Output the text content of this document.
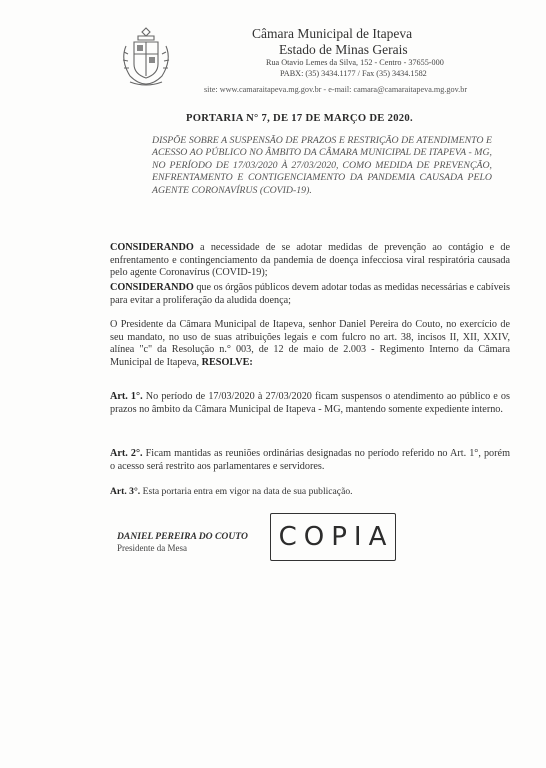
Câmara Municipal de Itapeva
Estado de Minas Gerais
Rua Otavio Lemes da Silva, 152 - Centro - 37655-000
PABX: (35) 3434.1177 / Fax (35) 3434.1582
site: www.camaraitapeva.mg.gov.br - e-mail: camara@camaraitapeva.mg.gov.br
PORTARIA N° 7, DE 17 DE MARÇO DE 2020.
DISPÕE SOBRE A SUSPENSÃO DE PRAZOS E RESTRIÇÃO DE ATENDIMENTO E ACESSO AO PÚBLICO NO ÂMBITO DA CÂMARA MUNICIPAL DE ITAPEVA - MG, NO PERÍODO DE 17/03/2020 À 27/03/2020, COMO MEDIDA DE PREVENÇÃO, ENFRENTAMENTO E CONTIGENCIAMENTO DA PANDEMIA CAUSADA PELO AGENTE CORONAVÍRUS (COVID-19).
CONSIDERANDO a necessidade de se adotar medidas de prevenção ao contágio e de enfrentamento e contingenciamento da pandemia de doença infecciosa viral respiratória causada pelo agente Coronavírus (COVID-19);
CONSIDERANDO que os órgãos públicos devem adotar todas as medidas necessárias e cabíveis para evitar a proliferação da aludida doença;
O Presidente da Câmara Municipal de Itapeva, senhor Daniel Pereira do Couto, no exercício de seu mandato, no uso de suas atribuições legais e com fulcro no art. 38, incisos II, XII, XXIV, alínea "c" da Resolução n.° 003, de 12 de maio de 2.003 - Regimento Interno da Câmara Municipal de Itapeva, RESOLVE:
Art. 1°. No período de 17/03/2020 à 27/03/2020 ficam suspensos o atendimento ao público e os prazos no âmbito da Câmara Municipal de Itapeva - MG, mantendo somente expediente interno.
Art. 2°. Ficam mantidas as reuniões ordinárias designadas no período referido no Art. 1°, porém o acesso será restrito aos parlamentares e servidores.
Art. 3°. Esta portaria entra em vigor na data de sua publicação.
DANIEL PEREIRA DO COUTO
Presidente da Mesa	COPIA
